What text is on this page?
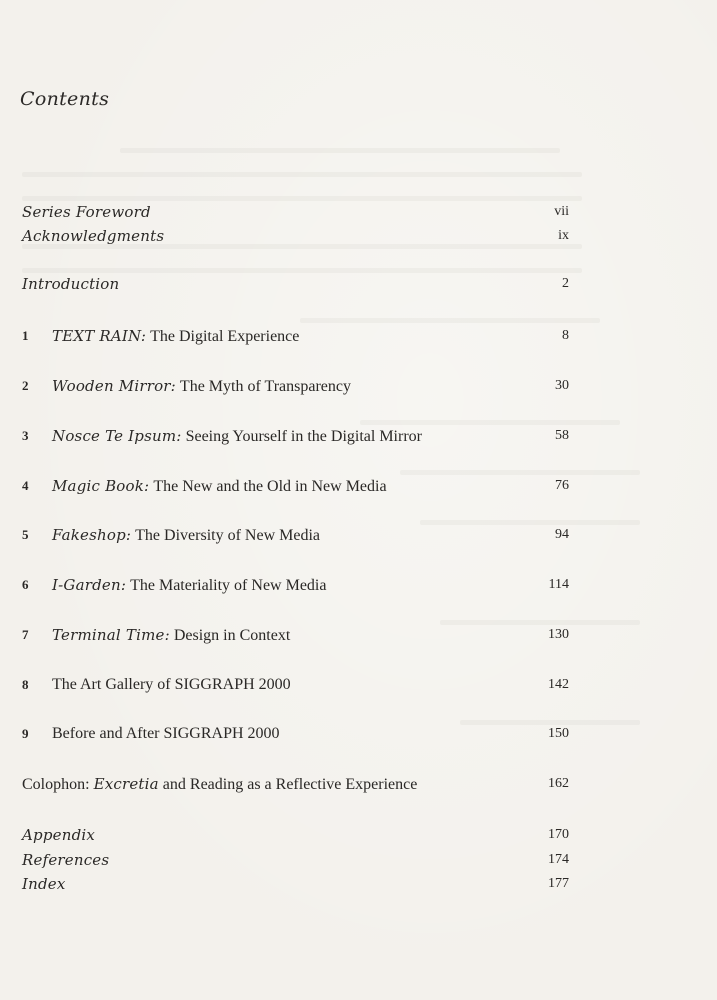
Contents
Series Foreword	vii
Acknowledgments	ix
Introduction	2
1	TEXT RAIN: The Digital Experience	8
2	Wooden Mirror: The Myth of Transparency	30
3	Nosce Te Ipsum: Seeing Yourself in the Digital Mirror	58
4	Magic Book: The New and the Old in New Media	76
5	Fakeshop: The Diversity of New Media	94
6	I-Garden: The Materiality of New Media	114
7	Terminal Time: Design in Context	130
8	The Art Gallery of SIGGRAPH 2000	142
9	Before and After SIGGRAPH 2000	150
Colophon: Excretia and Reading as a Reflective Experience	162
Appendix	170
References	174
Index	177
